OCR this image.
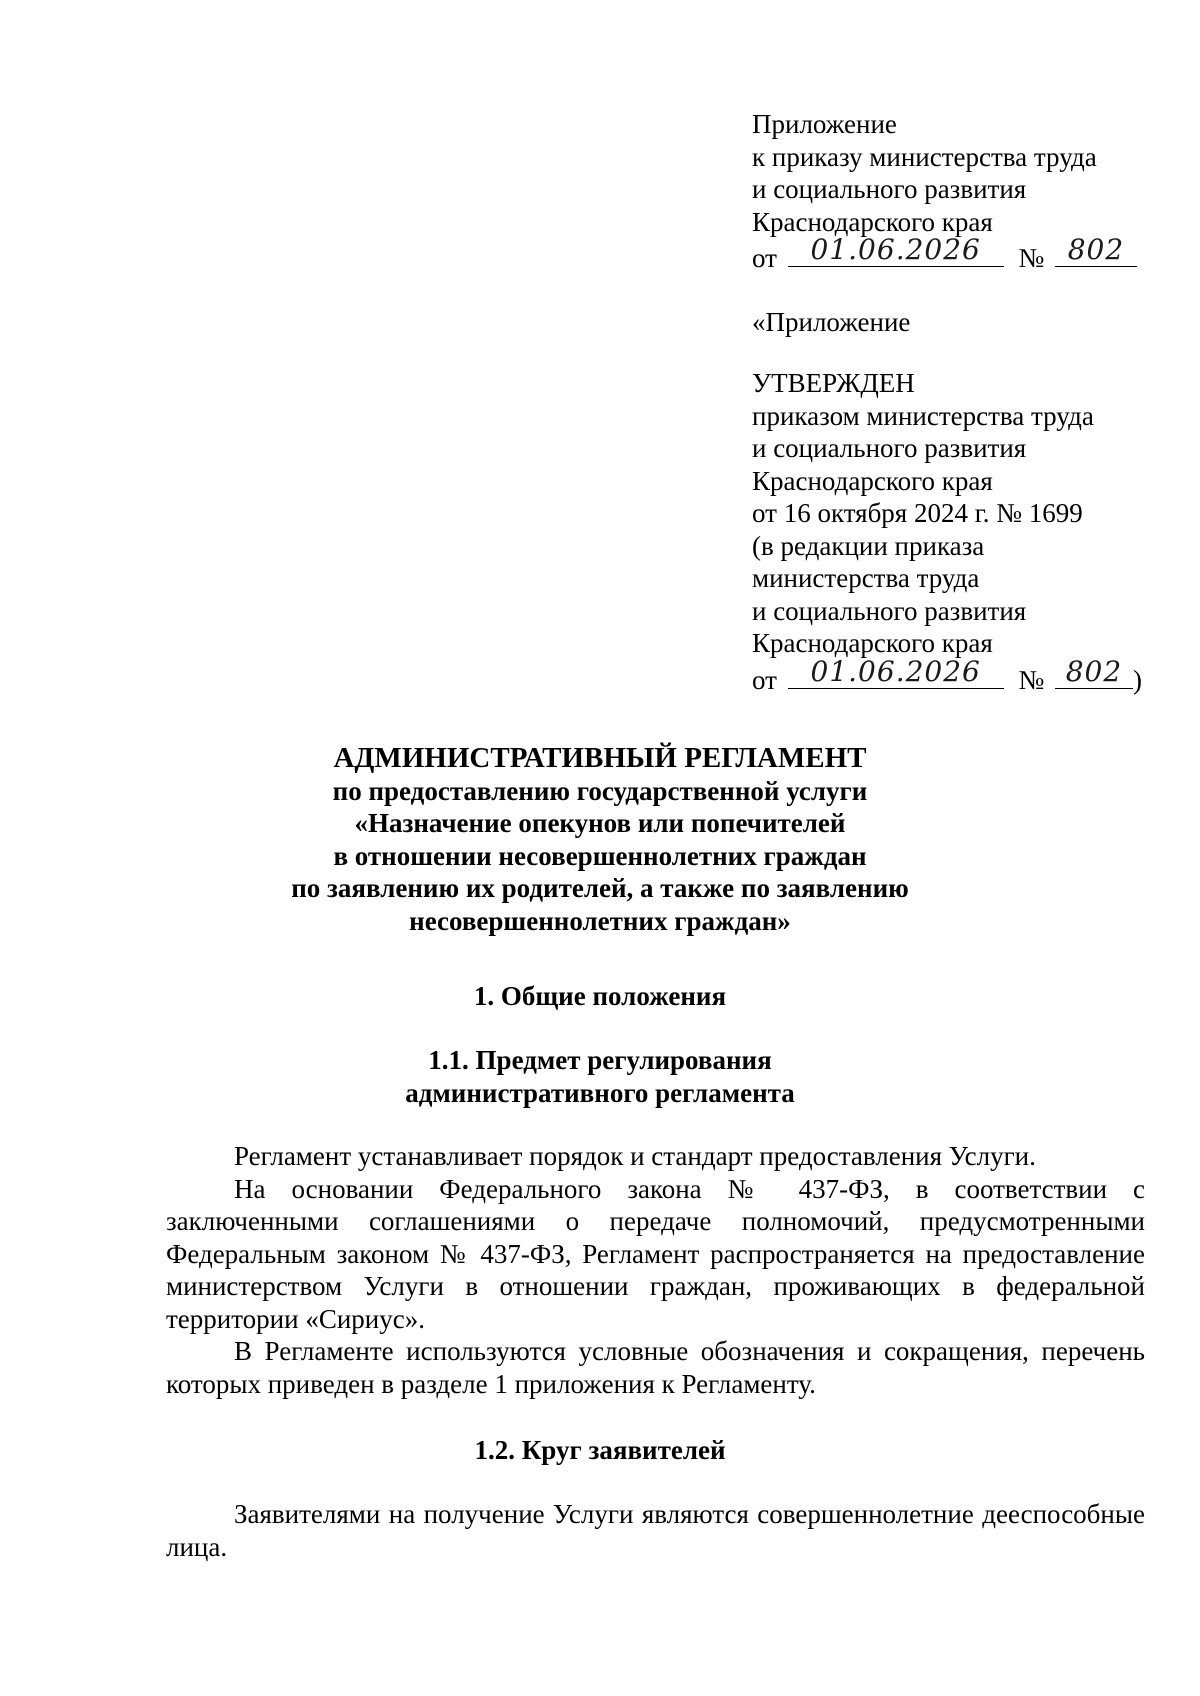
Приложение
к приказу министерства труда
и социального развития
Краснодарского края
от	01.06.2026	№ 802
«Приложение
УТВЕРЖДЕН
приказом министерства труда
и социального развития
Краснодарского края
от 16 октября 2024 г. № 1699
(в редакции приказа
министерства труда
и социального развития
Краснодарского края
от	01.06.2026	№ 802 )
АДМИНИСТРАТИВНЫЙ РЕГЛАМЕНТ
по предоставлению государственной услуги
«Назначение опекунов или попечителей
в отношении несовершеннолетних граждан
по заявлению их родителей, а также по заявлению
несовершеннолетних граждан»
1. Общие положения
1.1. Предмет регулирования
административного регламента

Регламент устанавливает порядок и стандарт предоставления Услуги.

На основании Федерального закона № 437-ФЗ, в соответствии с заключенными соглашениями о передаче полномочий, предусмотренными Федеральным законом № 437-ФЗ, Регламент распространяется на предоставление министерством Услуги в отношении граждан, проживающих в федеральной территории «Сириус».

В Регламенте используются условные обозначения и сокращения, перечень которых приведен в разделе 1 приложения к Регламенту.

1.2. Круг заявителей

Заявителями на получение Услуги являются совершеннолетние дееспособные лица.
